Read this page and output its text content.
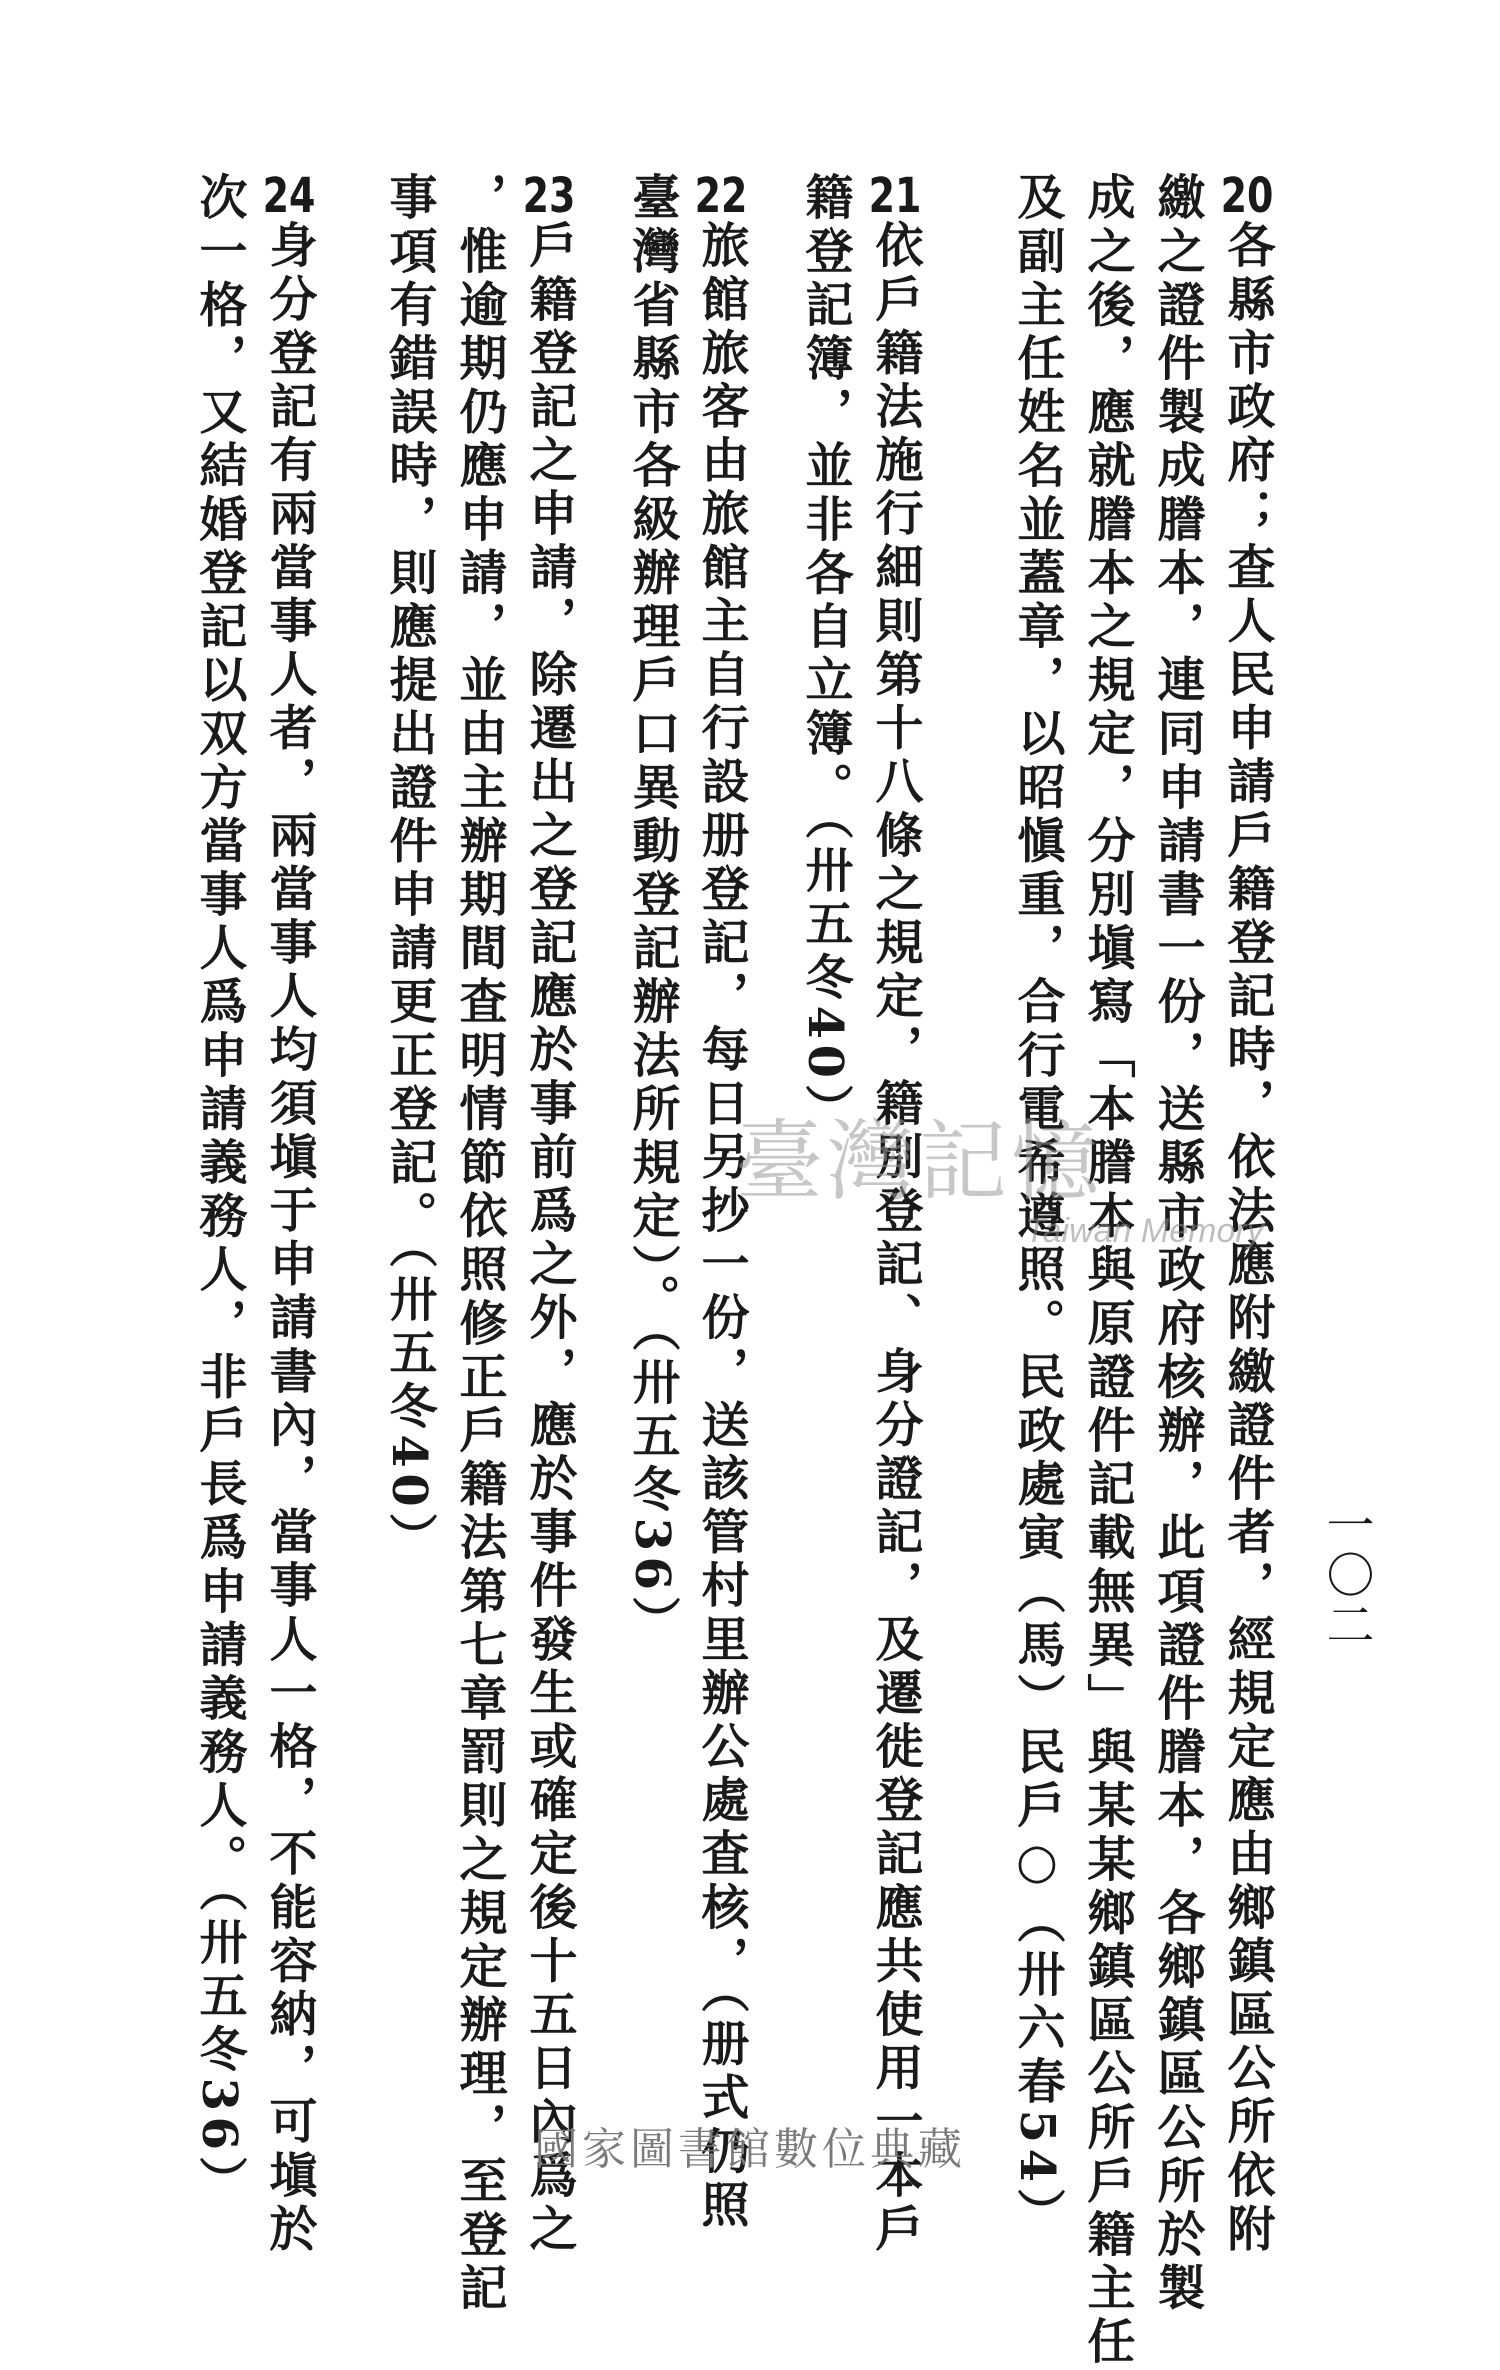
一〇二
20各縣市政府；查人民申請戶籍登記時，依法應附繳證件者，經規定應由鄉鎮區公所依附
繳之證件製成謄本，連同申請書一份，送縣市政府核辦，此項證件謄本，各鄉鎮區公所於製
成之後，應就謄本之規定，分別塡寫「本謄本與原證件記載無異」與某某鄉鎮區公所戶籍主任
及副主任姓名並蓋章，以昭愼重，合行電希遵照。民政處寅（馬）民戶○（卅六春54）
21依戶籍法施行細則第十八條之規定，籍別登記、身分證記，及遷徙登記應共使用一本戶
籍登記簿，並非各自立簿。（卅五冬40）
22旅館旅客由旅館主自行設册登記，每日另抄一份，送該管村里辦公處査核，（册式仍照
臺灣省縣市各級辦理戶口異動登記辦法所規定）。（卅五冬36）
23戶籍登記之申請，除遷出之登記應於事前爲之外，應於事件發生或確定後十五日內爲之
，惟逾期仍應申請，並由主辦期間査明情節依照修正戶籍法第七章罰則之規定辦理，至登記
事項有錯誤時，則應提出證件申請更正登記。（卅五冬40）
24身分登記有兩當事人者，兩當事人均須塡于申請書內，當事人一格，不能容納，可塡於
次一格，又結婚登記以双方當事人爲申請義務人，非戶長爲申請義務人。（卅五冬36）	臺灣記憶
Taiwan Memory
國家圖書館數位典藏
